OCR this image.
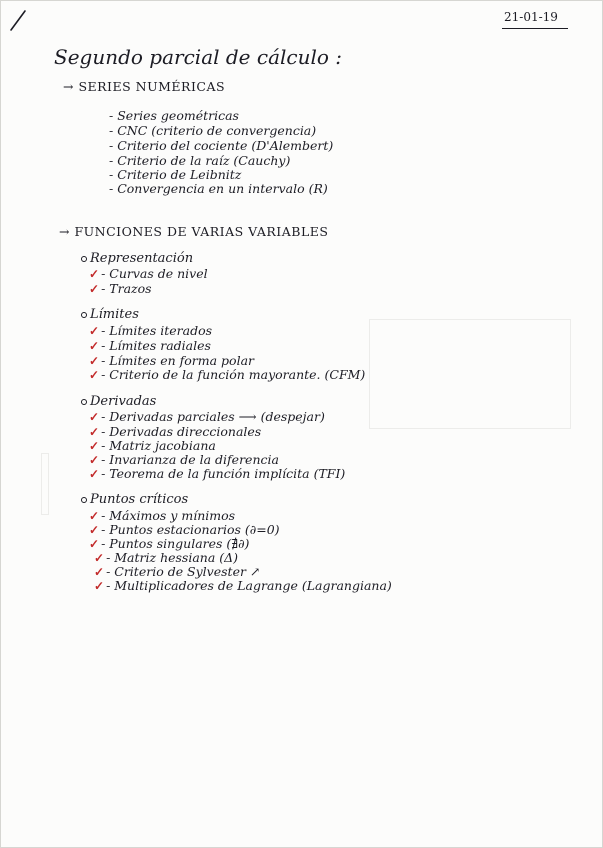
21-01-19
Segundo parcial de cálculo :
→ SERIES NUMÉRICAS
- Series geométricas
- CNC (criterio de convergencia)
- Criterio del cociente (D'Alembert)
- Criterio de la raíz (Cauchy)
- Criterio de Leibnitz
- Convergencia en un intervalo (R)
→ FUNCIONES DE VARIAS VARIABLES
Representación
✓ - Curvas de nivel
✓ - Trazos
Límites
✓ - Límites iterados
✓ - Límites radiales
✓ - Límites en forma polar
✓ - Criterio de la función mayorante. (CFM)
Derivadas
✓ - Derivadas parciales ⟶ (despejar)
✓ - Derivadas direccionales
✓ - Matriz jacobiana
✓ - Invarianza de la diferencia
✓ - Teorema de la función implícita (TFI)
Puntos críticos
✓ - Máximos y mínimos
✓ - Puntos estacionarios (∂=0)
✓ - Puntos singulares (∄∂)
✓ - Matriz hessiana (Δ)
✓ - Criterio de Sylvester ↗
✓ - Multiplicadores de Lagrange (Lagrangiana)
